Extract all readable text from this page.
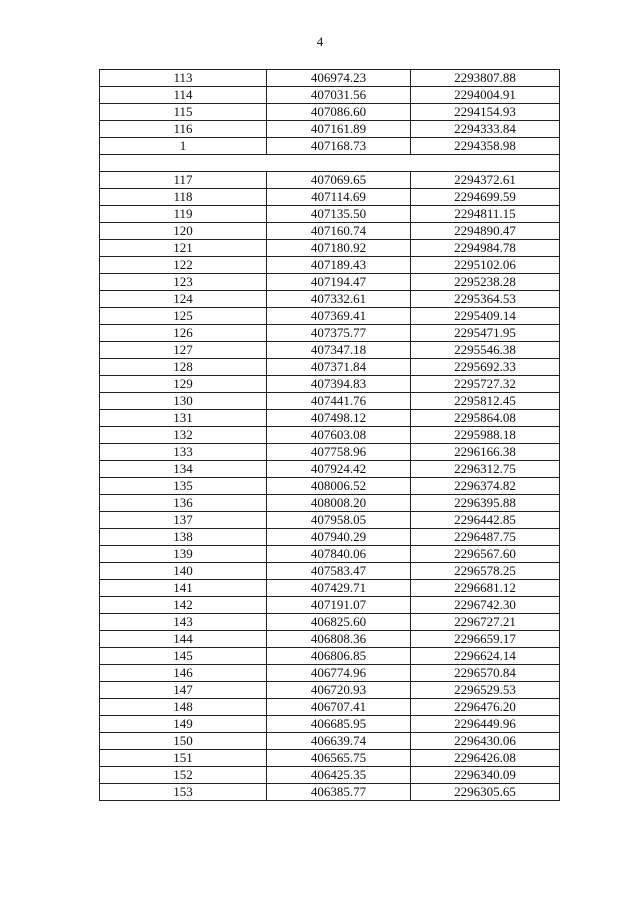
4
113	406974.23	2293807.88
114	407031.56	2294004.91
115	407086.60	2294154.93
116	407161.89	2294333.84
1	407168.73	2294358.98

117	407069.65	2294372.61
118	407114.69	2294699.59
119	407135.50	2294811.15
120	407160.74	2294890.47
121	407180.92	2294984.78
122	407189.43	2295102.06
123	407194.47	2295238.28
124	407332.61	2295364.53
125	407369.41	2295409.14
126	407375.77	2295471.95
127	407347.18	2295546.38
128	407371.84	2295692.33
129	407394.83	2295727.32
130	407441.76	2295812.45
131	407498.12	2295864.08
132	407603.08	2295988.18
133	407758.96	2296166.38
134	407924.42	2296312.75
135	408006.52	2296374.82
136	408008.20	2296395.88
137	407958.05	2296442.85
138	407940.29	2296487.75
139	407840.06	2296567.60
140	407583.47	2296578.25
141	407429.71	2296681.12
142	407191.07	2296742.30
143	406825.60	2296727.21
144	406808.36	2296659.17
145	406806.85	2296624.14
146	406774.96	2296570.84
147	406720.93	2296529.53
148	406707.41	2296476.20
149	406685.95	2296449.96
150	406639.74	2296430.06
151	406565.75	2296426.08
152	406425.35	2296340.09
153	406385.77	2296305.65
